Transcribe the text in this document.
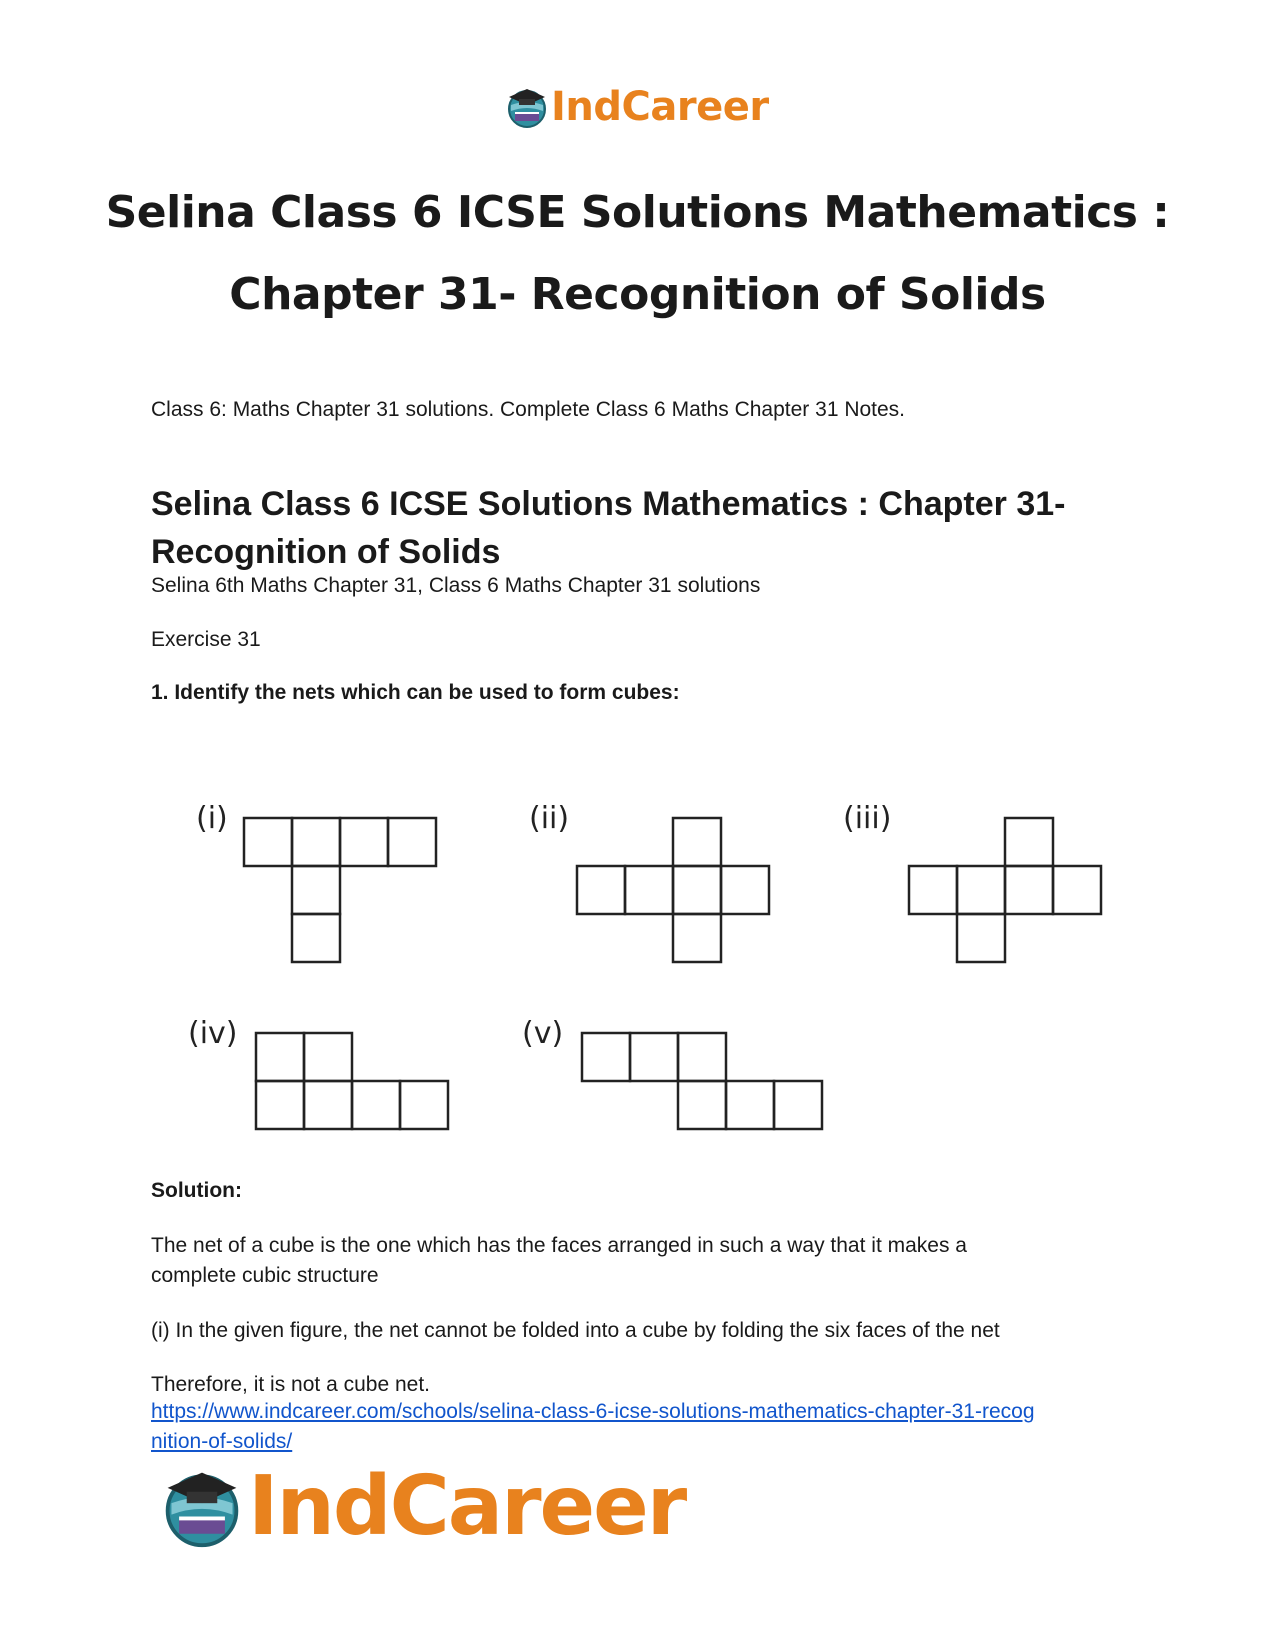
IndCareer
Selina Class 6 ICSE Solutions Mathematics :
Chapter 31- Recognition of Solids

Class 6: Maths Chapter 31 solutions. Complete Class 6 Maths Chapter 31 Notes.

Selina Class 6 ICSE Solutions Mathematics : Chapter 31- Recognition of Solids

Selina 6th Maths Chapter 31, Class 6 Maths Chapter 31 solutions

Exercise 31

1. Identify the nets which can be used to form cubes:

(i)	(ii)	(iii)
(iv)	(v)

Solution:

The net of a cube is the one which has the faces arranged in such a way that it makes a
complete cubic structure

(i) In the given figure, the net cannot be folded into a cube by folding the six faces of the net

Therefore, it is not a cube net.

https://www.indcareer.com/schools/selina-class-6-icse-solutions-mathematics-chapter-31-recog
nition-of-solids/

IndCareer
